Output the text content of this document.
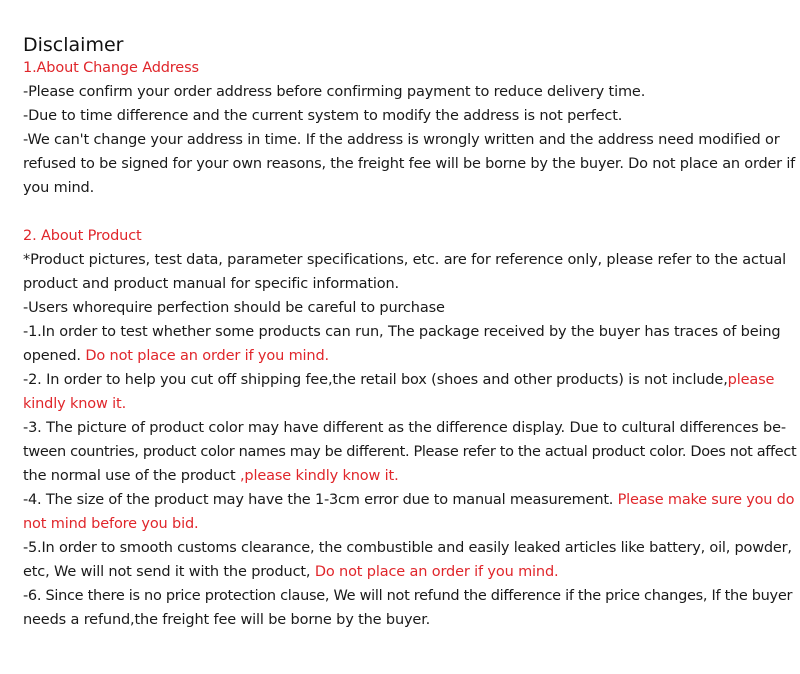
Disclaimer
1.About Change Address
-Please confirm your order address before confirming payment to reduce delivery time.
-Due to time difference and the current system to modify the address is not perfect.
-We can't change your address in time. If the address is wrongly written and the address need modified or
refused to be signed for your own reasons, the freight fee will be borne by the buyer. Do not place an order if
you mind.
2. About Product
*Product pictures, test data, parameter specifications, etc. are for reference only, please refer to the actual
product and product manual for specific information.
-Users whorequire perfection should be careful to purchase
-1.In order to test whether some products can run, The package received by the buyer has traces of being
opened. Do not place an order if you mind.
-2. In order to help you cut off shipping fee,the retail box (shoes and other products) is not include,please
kindly know it.
-3. The picture of product color may have different as the difference display. Due to cultural differences be-
tween countries, product color names may be different. Please refer to the actual product color. Does not affect
the normal use of the product ,please kindly know it.
-4. The size of the product may have the 1-3cm error due to manual measurement. Please make sure you do
not mind before you bid.
-5.In order to smooth customs clearance, the combustible and easily leaked articles like battery, oil, powder,
etc, We will not send it with the product, Do not place an order if you mind.
-6. Since there is no price protection clause, We will not refund the difference if the price changes, If the buyer
needs a refund,the freight fee will be borne by the buyer.
